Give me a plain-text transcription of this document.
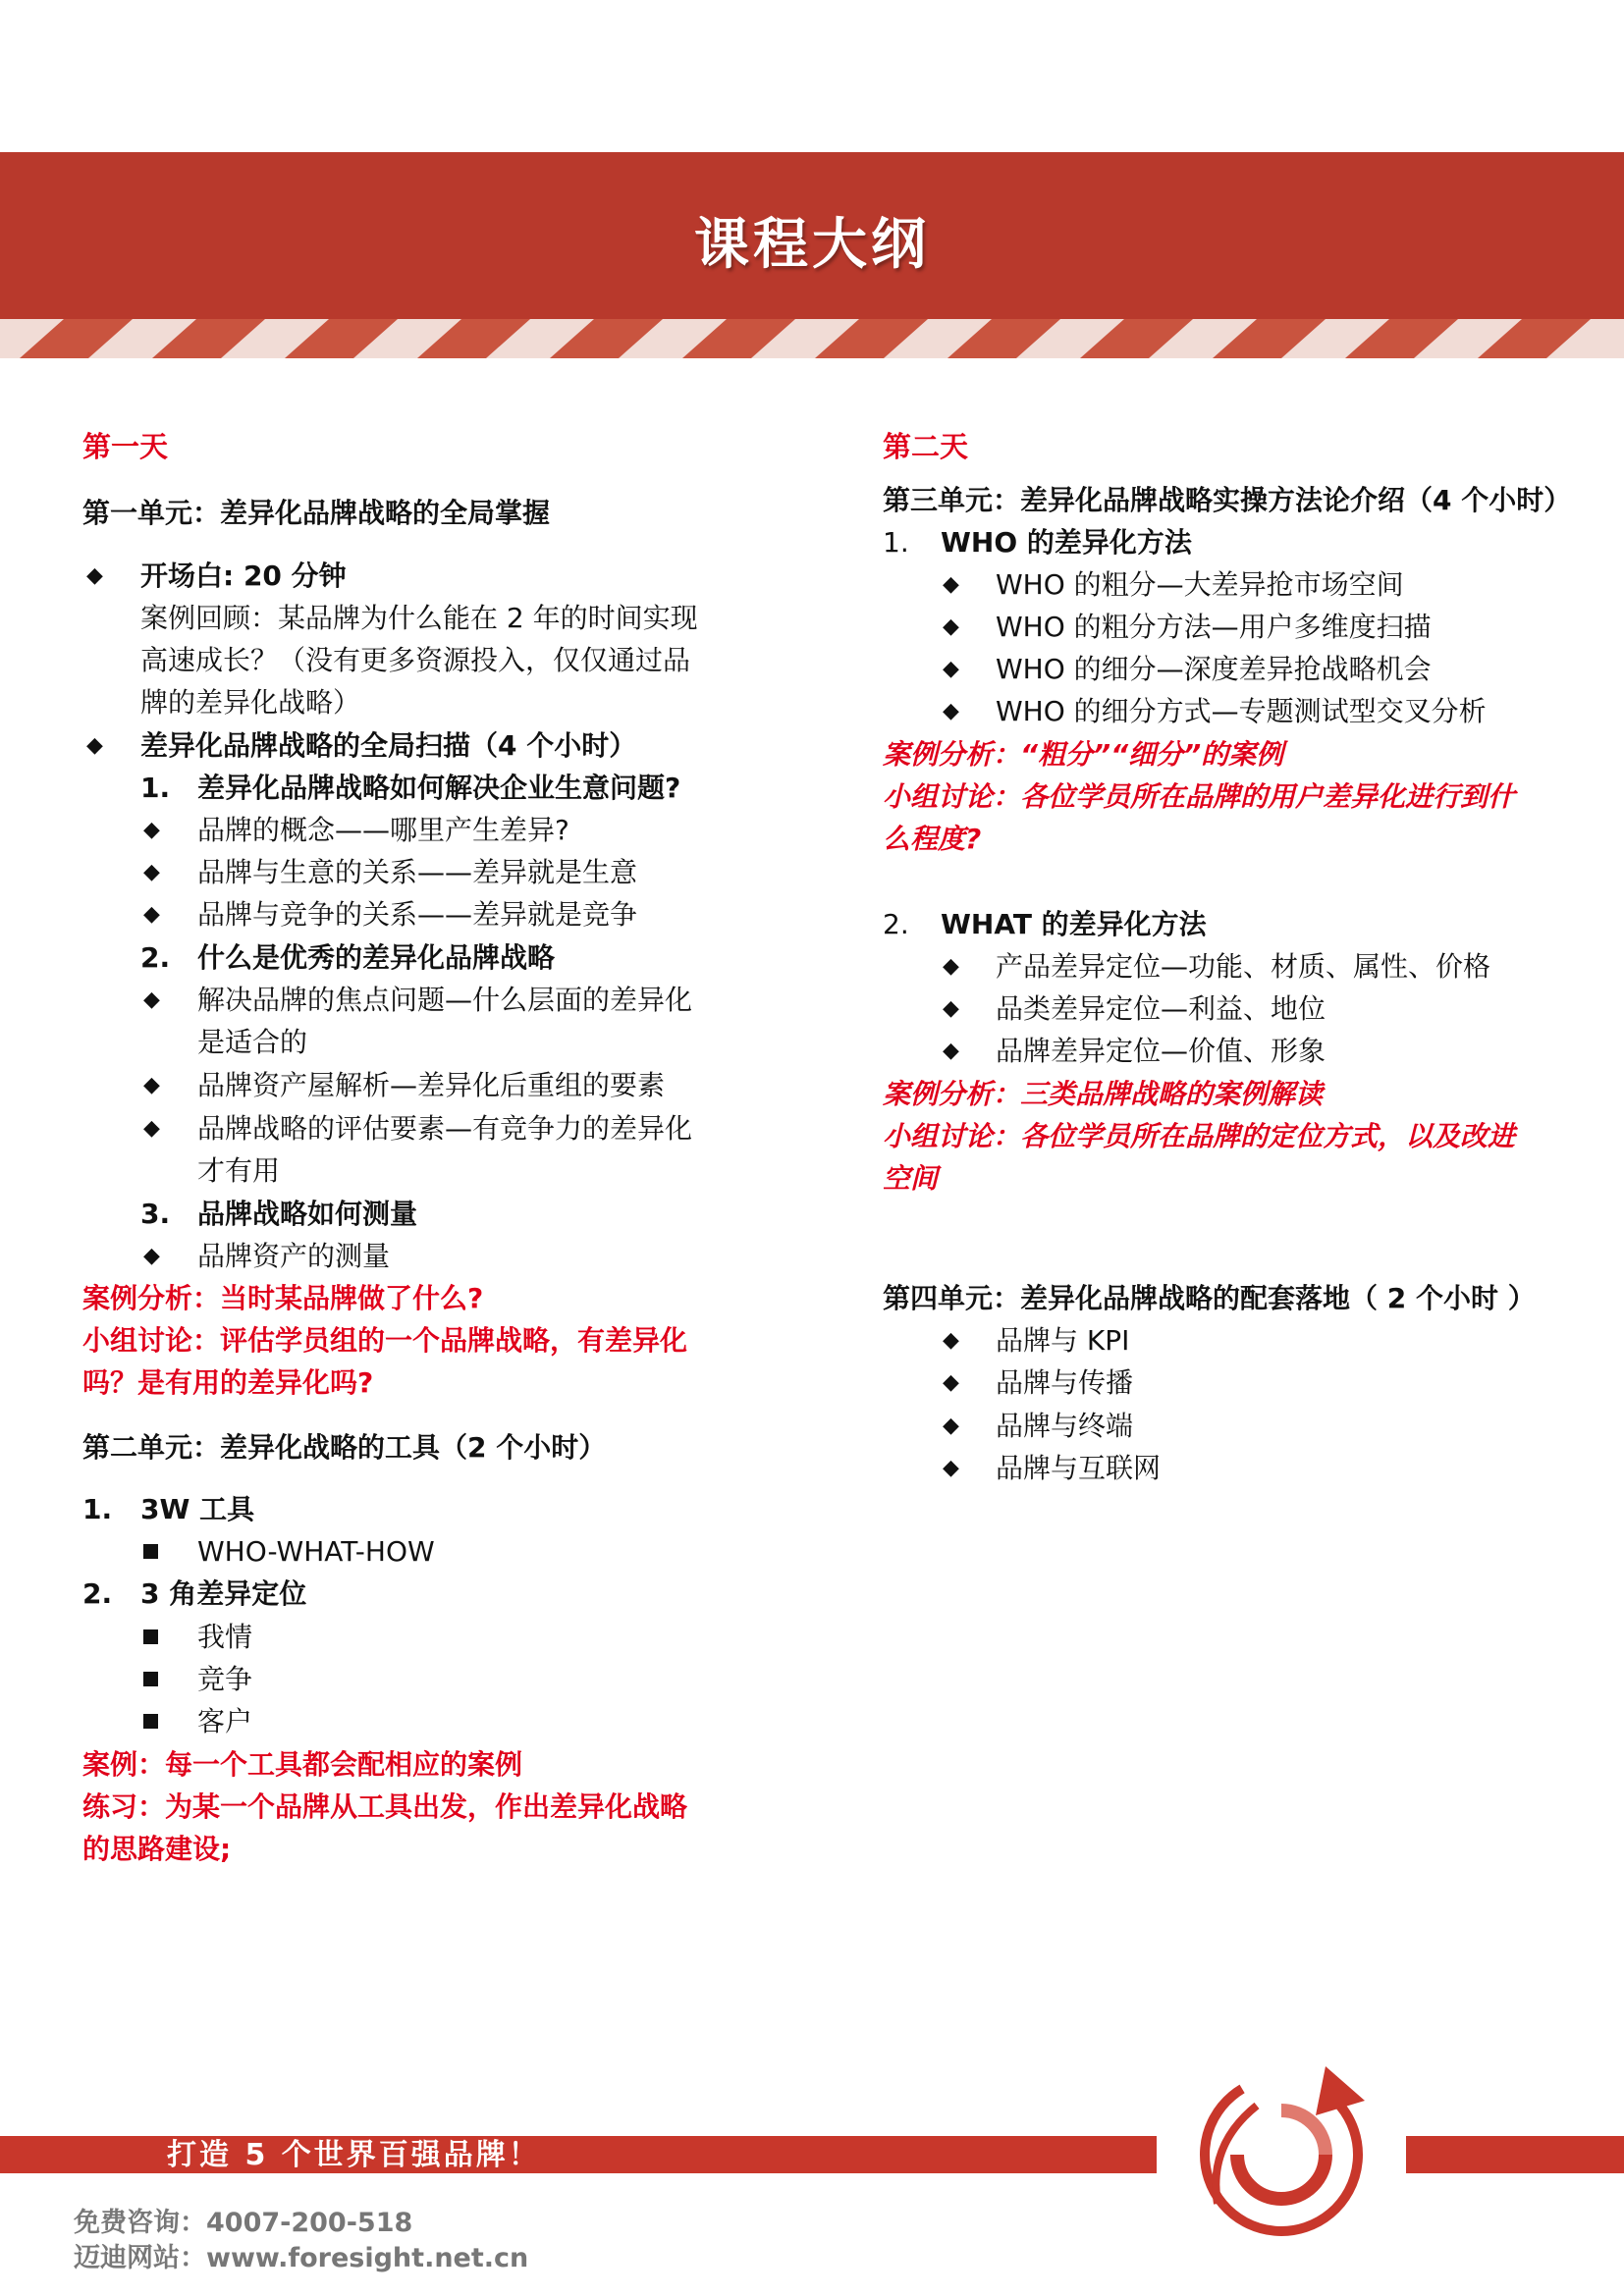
课程大纲
第一天
第一单元：差异化品牌战略的全局掌握
◆ 开场白: 20 分钟
案例回顾：某品牌为什么能在 2 年的时间实现
高速成长？（没有更多资源投入，仅仅通过品
牌的差异化战略）
◆ 差异化品牌战略的全局扫描（4 个小时）
1. 差异化品牌战略如何解决企业生意问题?
◆ 品牌的概念——哪里产生差异?
◆ 品牌与生意的关系——差异就是生意
◆ 品牌与竞争的关系——差异就是竞争
2. 什么是优秀的差异化品牌战略
◆ 解决品牌的焦点问题—什么层面的差异化
是适合的
◆ 品牌资产屋解析—差异化后重组的要素
◆ 品牌战略的评估要素—有竞争力的差异化
才有用
3. 品牌战略如何测量
◆ 品牌资产的测量
案例分析：当时某品牌做了什么?
小组讨论：评估学员组的一个品牌战略，有差异化
吗？是有用的差异化吗?
第二单元：差异化战略的工具（2 个小时）
1. 3W 工具
WHO-WHAT-HOW
2. 3 角差异定位
我情
竞争
客户
案例：每一个工具都会配相应的案例
练习：为某一个品牌从工具出发，作出差异化战略
的思路建设;
第二天
第三单元：差异化品牌战略实操方法论介绍（4 个小时）
1. WHO 的差异化方法
◆ WHO 的粗分—大差异抢市场空间
◆ WHO 的粗分方法—用户多维度扫描
◆ WHO 的细分—深度差异抢战略机会
◆ WHO 的细分方式—专题测试型交叉分析
案例分析：“粗分”“细分”的案例
小组讨论：各位学员所在品牌的用户差异化进行到什
么程度?
2. WHAT 的差异化方法
◆ 产品差异定位—功能、材质、属性、价格
◆ 品类差异定位—利益、地位
◆ 品牌差异定位—价值、形象
案例分析：三类品牌战略的案例解读
小组讨论：各位学员所在品牌的定位方式，以及改进
空间
第四单元：差异化品牌战略的配套落地（ 2 个小时 ）
◆ 品牌与 KPI
◆ 品牌与传播
◆ 品牌与终端
◆ 品牌与互联网
打造 5 个世界百强品牌！
免费咨询：4007-200-518
迈迪网站：www.foresight.net.cn
